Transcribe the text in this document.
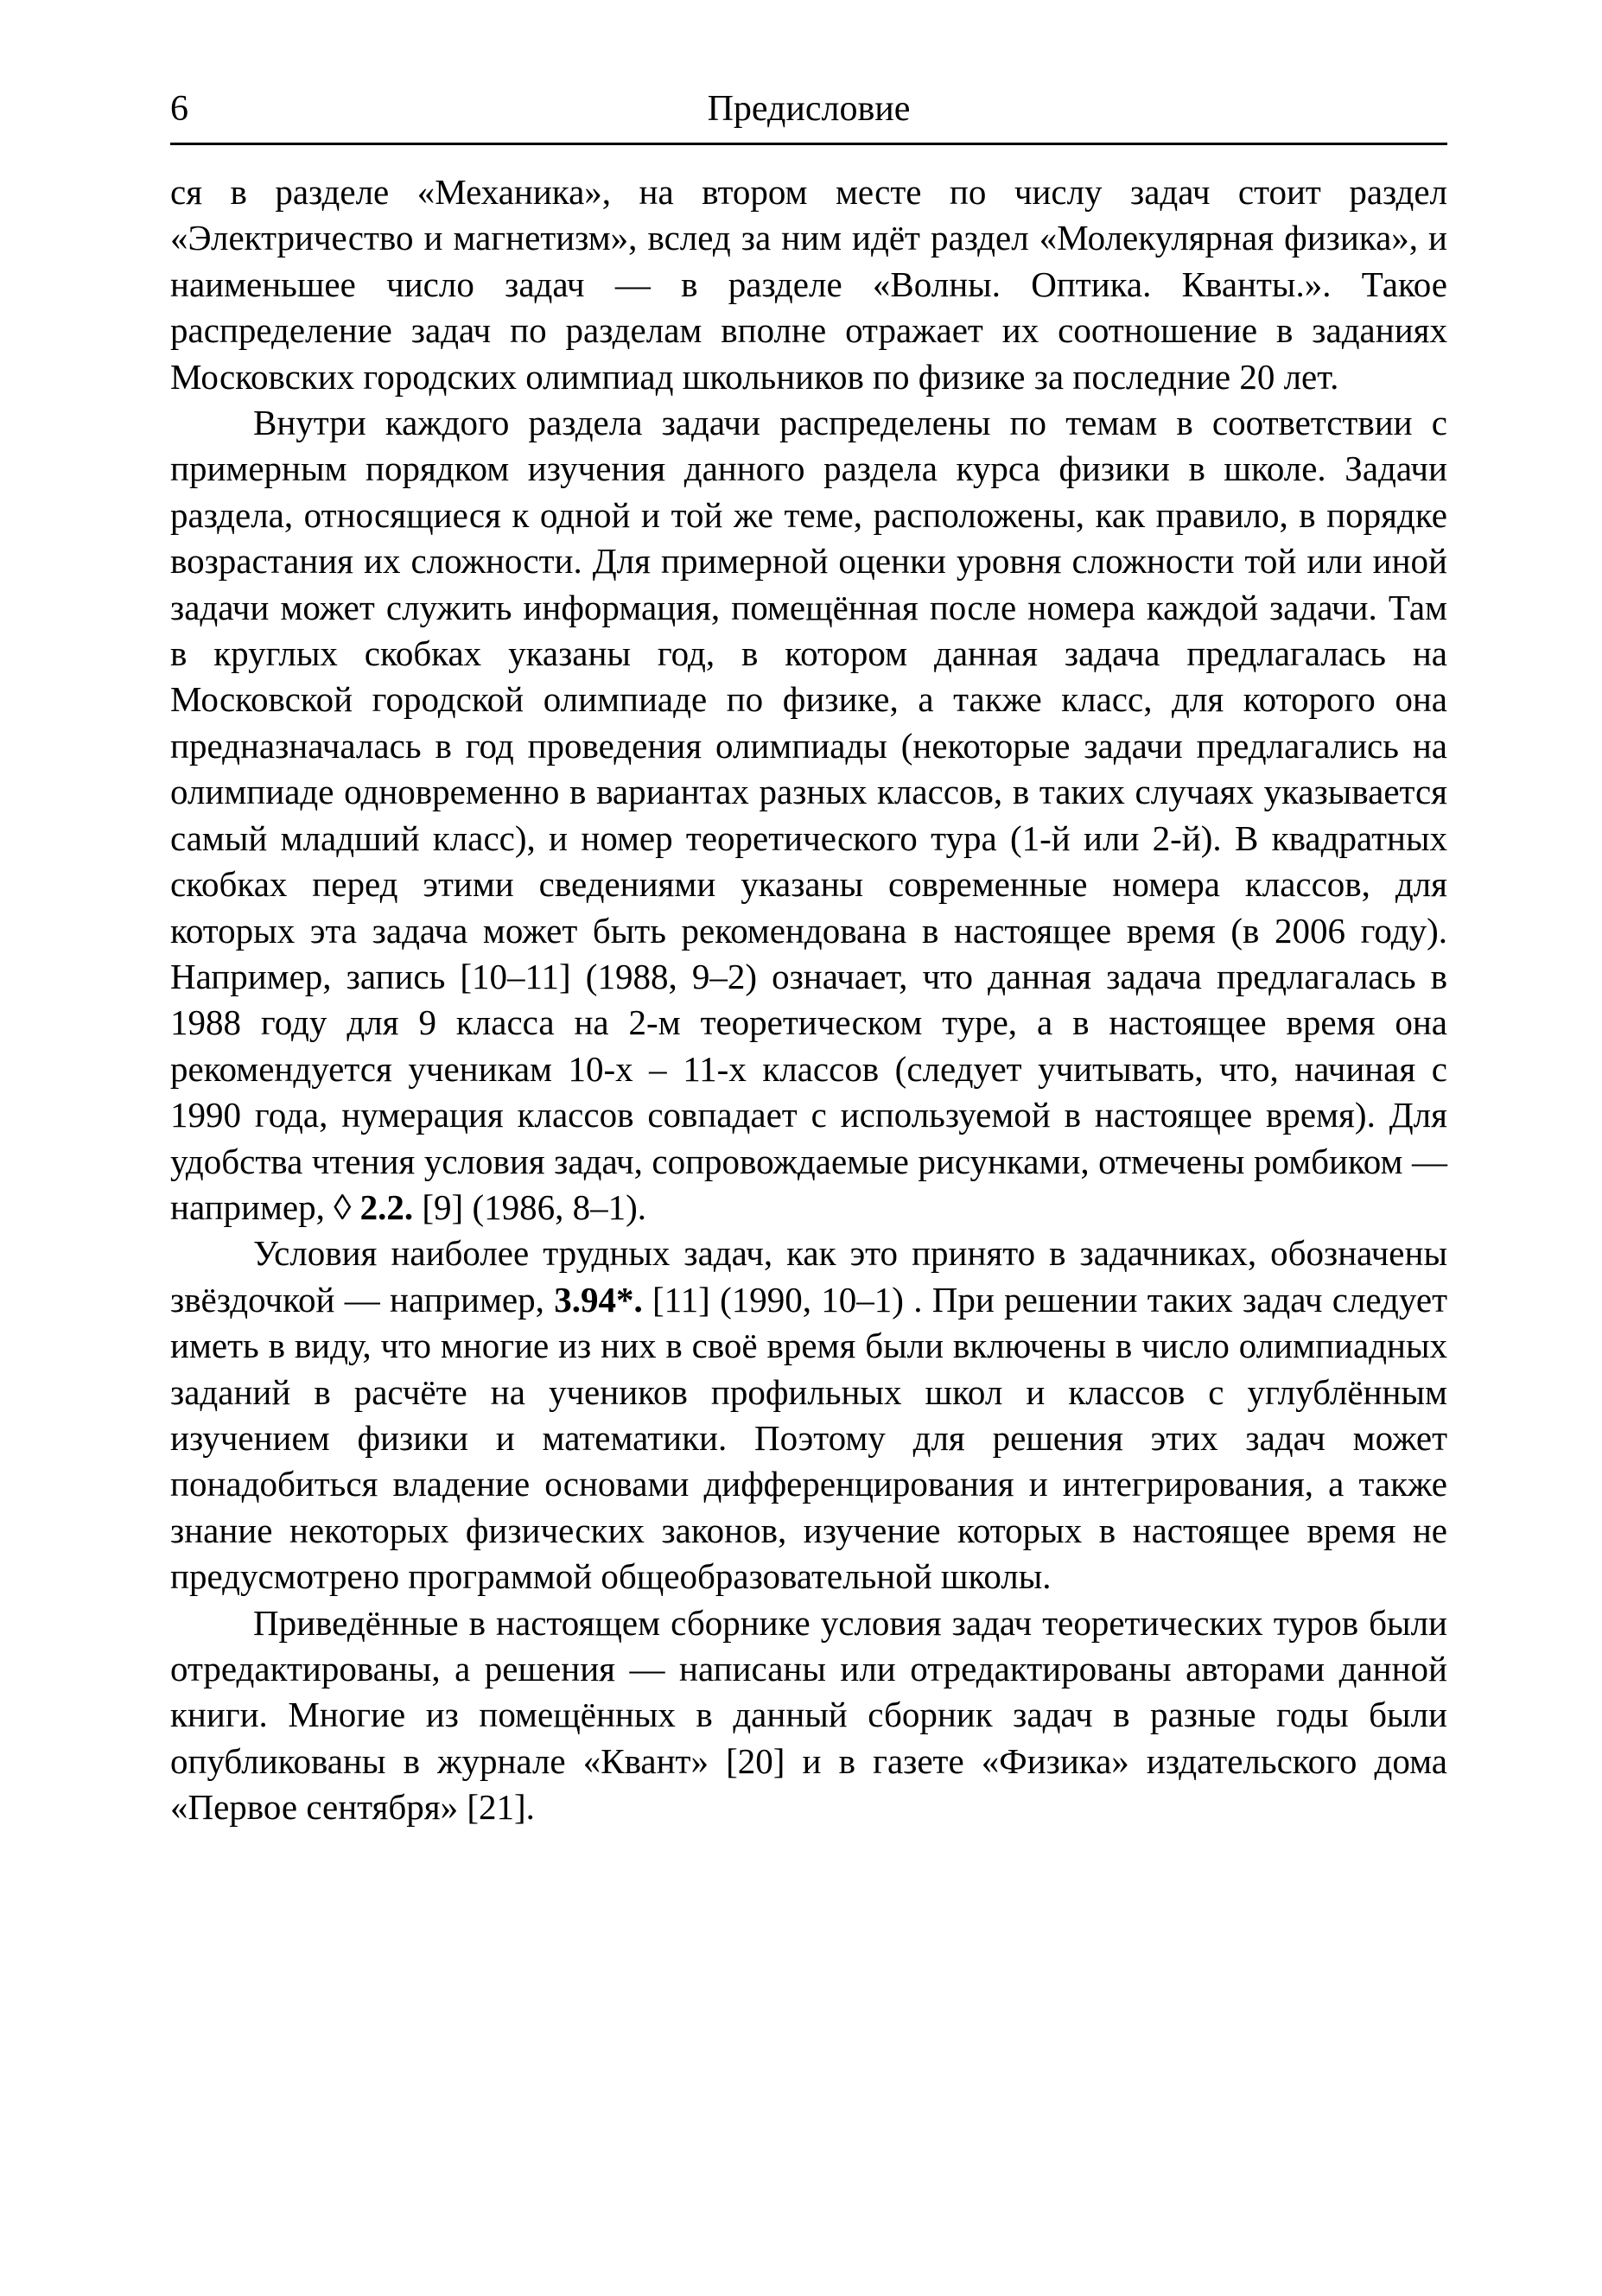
6	Предисловие

ся в разделе «Механика», на втором месте по числу задач стоит раздел «Электричество и магнетизм», вслед за ним идёт раздел «Молекулярная физика», и наименьшее число задач — в разделе «Волны. Оптика. Кванты.». Такое распределение задач по разделам вполне отражает их соотношение в заданиях Московских городских олимпиад школьников по физике за последние 20 лет.

Внутри каждого раздела задачи распределены по темам в соответствии с примерным порядком изучения данного раздела курса физики в школе. Задачи раздела, относящиеся к одной и той же теме, расположены, как правило, в порядке возрастания их сложности. Для примерной оценки уровня сложности той или иной задачи может служить информация, помещённая после номера каждой задачи. Там в круглых скобках указаны год, в котором данная задача предлагалась на Московской городской олимпиаде по физике, а также класс, для которого она предназначалась в год проведения олимпиады (некоторые задачи предлагались на олимпиаде одновременно в вариантах разных классов, в таких случаях указывается самый младший класс), и номер теоретического тура (1-й или 2-й). В квадратных скобках перед этими сведениями указаны современные номера классов, для которых эта задача может быть рекомендована в настоящее время (в 2006 году). Например, запись [10–11] (1988, 9–2) означает, что данная задача предлагалась в 1988 году для 9 класса на 2-м теоретическом туре, а в настоящее время она рекомендуется ученикам 10-х – 11-х классов (следует учитывать, что, начиная с 1990 года, нумерация классов совпадает с используемой в настоящее время). Для удобства чтения условия задач, сопровождаемые рисунками, отмечены ромбиком — например, ◊ 2.2. [9] (1986, 8–1).

Условия наиболее трудных задач, как это принято в задачниках, обозначены звёздочкой — например, 3.94*. [11] (1990, 10–1) . При решении таких задач следует иметь в виду, что многие из них в своё время были включены в число олимпиадных заданий в расчёте на учеников профильных школ и классов с углублённым изучением физики и математики. Поэтому для решения этих задач может понадобиться владение основами дифференцирования и интегрирования, а также знание некоторых физических законов, изучение которых в настоящее время не предусмотрено программой общеобразовательной школы.

Приведённые в настоящем сборнике условия задач теоретических туров были отредактированы, а решения — написаны или отредактированы авторами данной книги. Многие из помещённых в данный сборник задач в разные годы были опубликованы в журнале «Квант» [20] и в газете «Физика» издательского дома «Первое сентября» [21].
